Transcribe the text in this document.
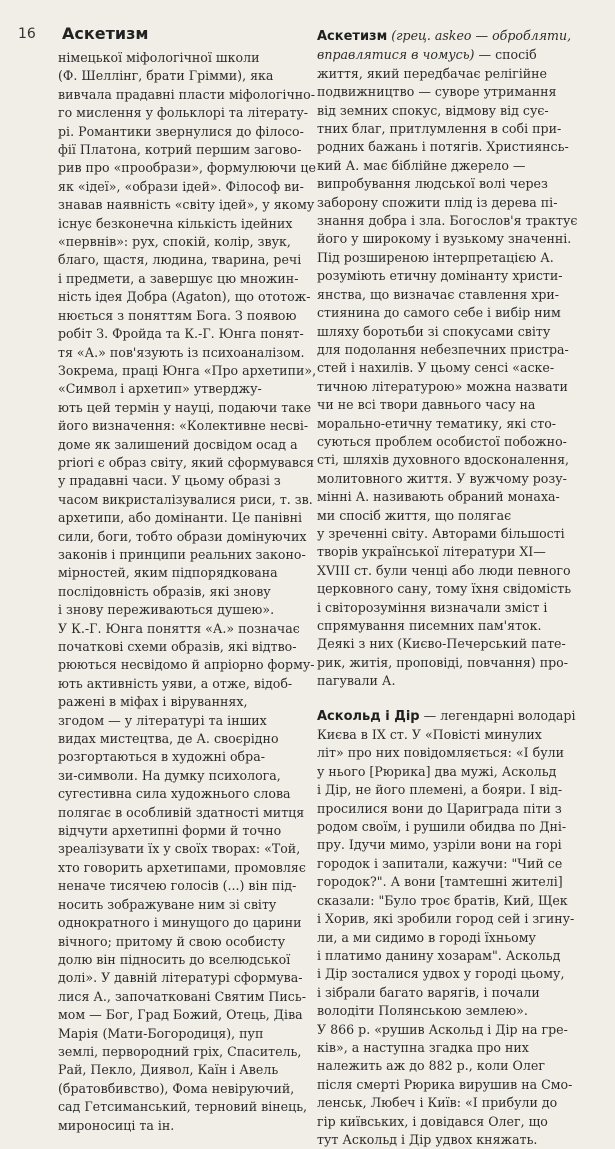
16 Аскетизм
німецької міфологічної школи
(Ф. Шеллінг, брати Грімми), яка
вивчала прадавні пласти міфологічно-
го мислення у фольклорі та літерату-
рі. Романтики звернулися до філосо-
фії Платона, котрий першим загово-
рив про «прообрази», формулюючи це
як «ідеї», «образи ідей». Філософ ви-
знавав наявність «світу ідей», у якому
існує безконечна кількість ідейних
«первнів»: рух, спокій, колір, звук,
благо, щастя, людина, тварина, речі
і предмети, а завершує цю множин-
ність ідея Добра (Agaton), що ототож-
нюється з поняттям Бога. З появою
робіт З. Фройда та К.-Г. Юнга понят-
тя «А.» пов'язують із психоаналізом.
Зокрема, праці Юнга «Про архетипи»,
«Символ і архетип» утверджу-
ють цей термін у науці, подаючи таке
його визначення: «Колективне несві-
доме як залишений досвідом осад а
priori є образ світу, який сформувався
у прадавні часи. У цьому образі з
часом викристалізувалися риси, т. зв.
архетипи, або домінанти. Це панівні
сили, боги, тобто образи домінуючих
законів і принципи реальних законо-
мірностей, яким підпорядкована
послідовність образів, які знову
і знову переживаються душею».
У К.-Г. Юнга поняття «А.» позначає
початкові схеми образів, які відтво-
рюються несвідомо й апріорно форму-
ють активність уяви, а отже, відоб-
ражені в міфах і віруваннях,
згодом — у літературі та інших
видах мистецтва, де А. своєрідно
розгортаються в художні обра-
зи-символи. На думку психолога,
сугестивна сила художнього слова
полягає в особливій здатності митця
відчути архетипні форми й точно
зреалізувати їх у своїх творах: «Той,
хто говорить архетипами, промовляє
неначе тисячею голосів (...) він під-
носить зображуване ним зі світу
однократного і минущого до царини
вічного; притому й свою особисту
долю він підносить до вселюдської
долі». У давній літературі сформува-
лися А., започатковані Святим Пись-
мом — Бог, Град Божий, Отець, Діва
Марія (Мати-Богородиця), пуп
землі, первородний гріх, Спаситель,
Рай, Пекло, Диявол, Каїн і Авель
(братовбивство), Фома невіруючий,
сад Гетсиманський, терновий вінець,
мироносиці та ін.
Аскетизм (грец. askeo — обробляти,
вправлятися в чомусь) — спосіб
життя, який передбачає релігійне
подвижництво — суворе утримання
від земних спокус, відмову від сує-
тних благ, притлумлення в собі при-
родних бажань і потягів. Християнсь-
кий А. має біблійне джерело —
випробування людської волі через
заборону спожити плід із дерева пі-
знання добра і зла. Богослов'я трактує
його у широкому і вузькому значенні.
Під розширеною інтерпретацією А.
розуміють етичну домінанту христи-
янства, що визначає ставлення хри-
стиянина до самого себе і вибір ним
шляху боротьби зі спокусами світу
для подолання небезпечних пристра-
стей і нахилів. У цьому сенсі «аске-
тичною літературою» можна назвати
чи не всі твори давнього часу на
морально-етичну тематику, які сто-
суються проблем особистої побожно-
сті, шляхів духовного вдосконалення,
молитовного життя. У вужчому розу-
мінні А. називають обраний монаха-
ми спосіб життя, що полягає
у зреченні світу. Авторами більшості
творів української літератури ХІ—
ХVІІІ ст. були ченці або люди певного
церковного сану, тому їхня свідомість
і світорозуміння визначали зміст і
спрямування писемних пам'яток.
Деякі з них (Києво-Печерський пате-
рик, житія, проповіді, повчання) про-
пагували А.
Аскольд і Дір — легендарні володарі
Києва в IX ст. У «Повісті минулих
літ» про них повідомляється: «І були
у нього [Рюрика] два мужі, Аскольд
і Дір, не його племені, а бояри. І від-
просилися вони до Цариграда піти з
родом своїм, і рушили обидва по Дні-
пру. Ідучи мимо, узріли вони на горі
городок і запитали, кажучи: "Чий се
городок?". А вони [тамтешні жителі]
сказали: "Було троє братів, Кий, Щек
і Хорив, які зробили город сей і згину-
ли, а ми сидимо в городі їхньому
і платимо данину хозарам". Аскольд
і Дір зосталися удвох у городі цьому,
і зібрали багато варягів, і почали
володіти Полянською землею».
У 866 р. «рушив Аскольд і Дір на гре-
ків», а наступна згадка про них
належить аж до 882 р., коли Олег
після смерті Рюрика вирушив на Смо-
ленськ, Любеч і Київ: «І прибули до
гір київських, і довідався Олег, що
тут Аскольд і Дір удвох княжать.
